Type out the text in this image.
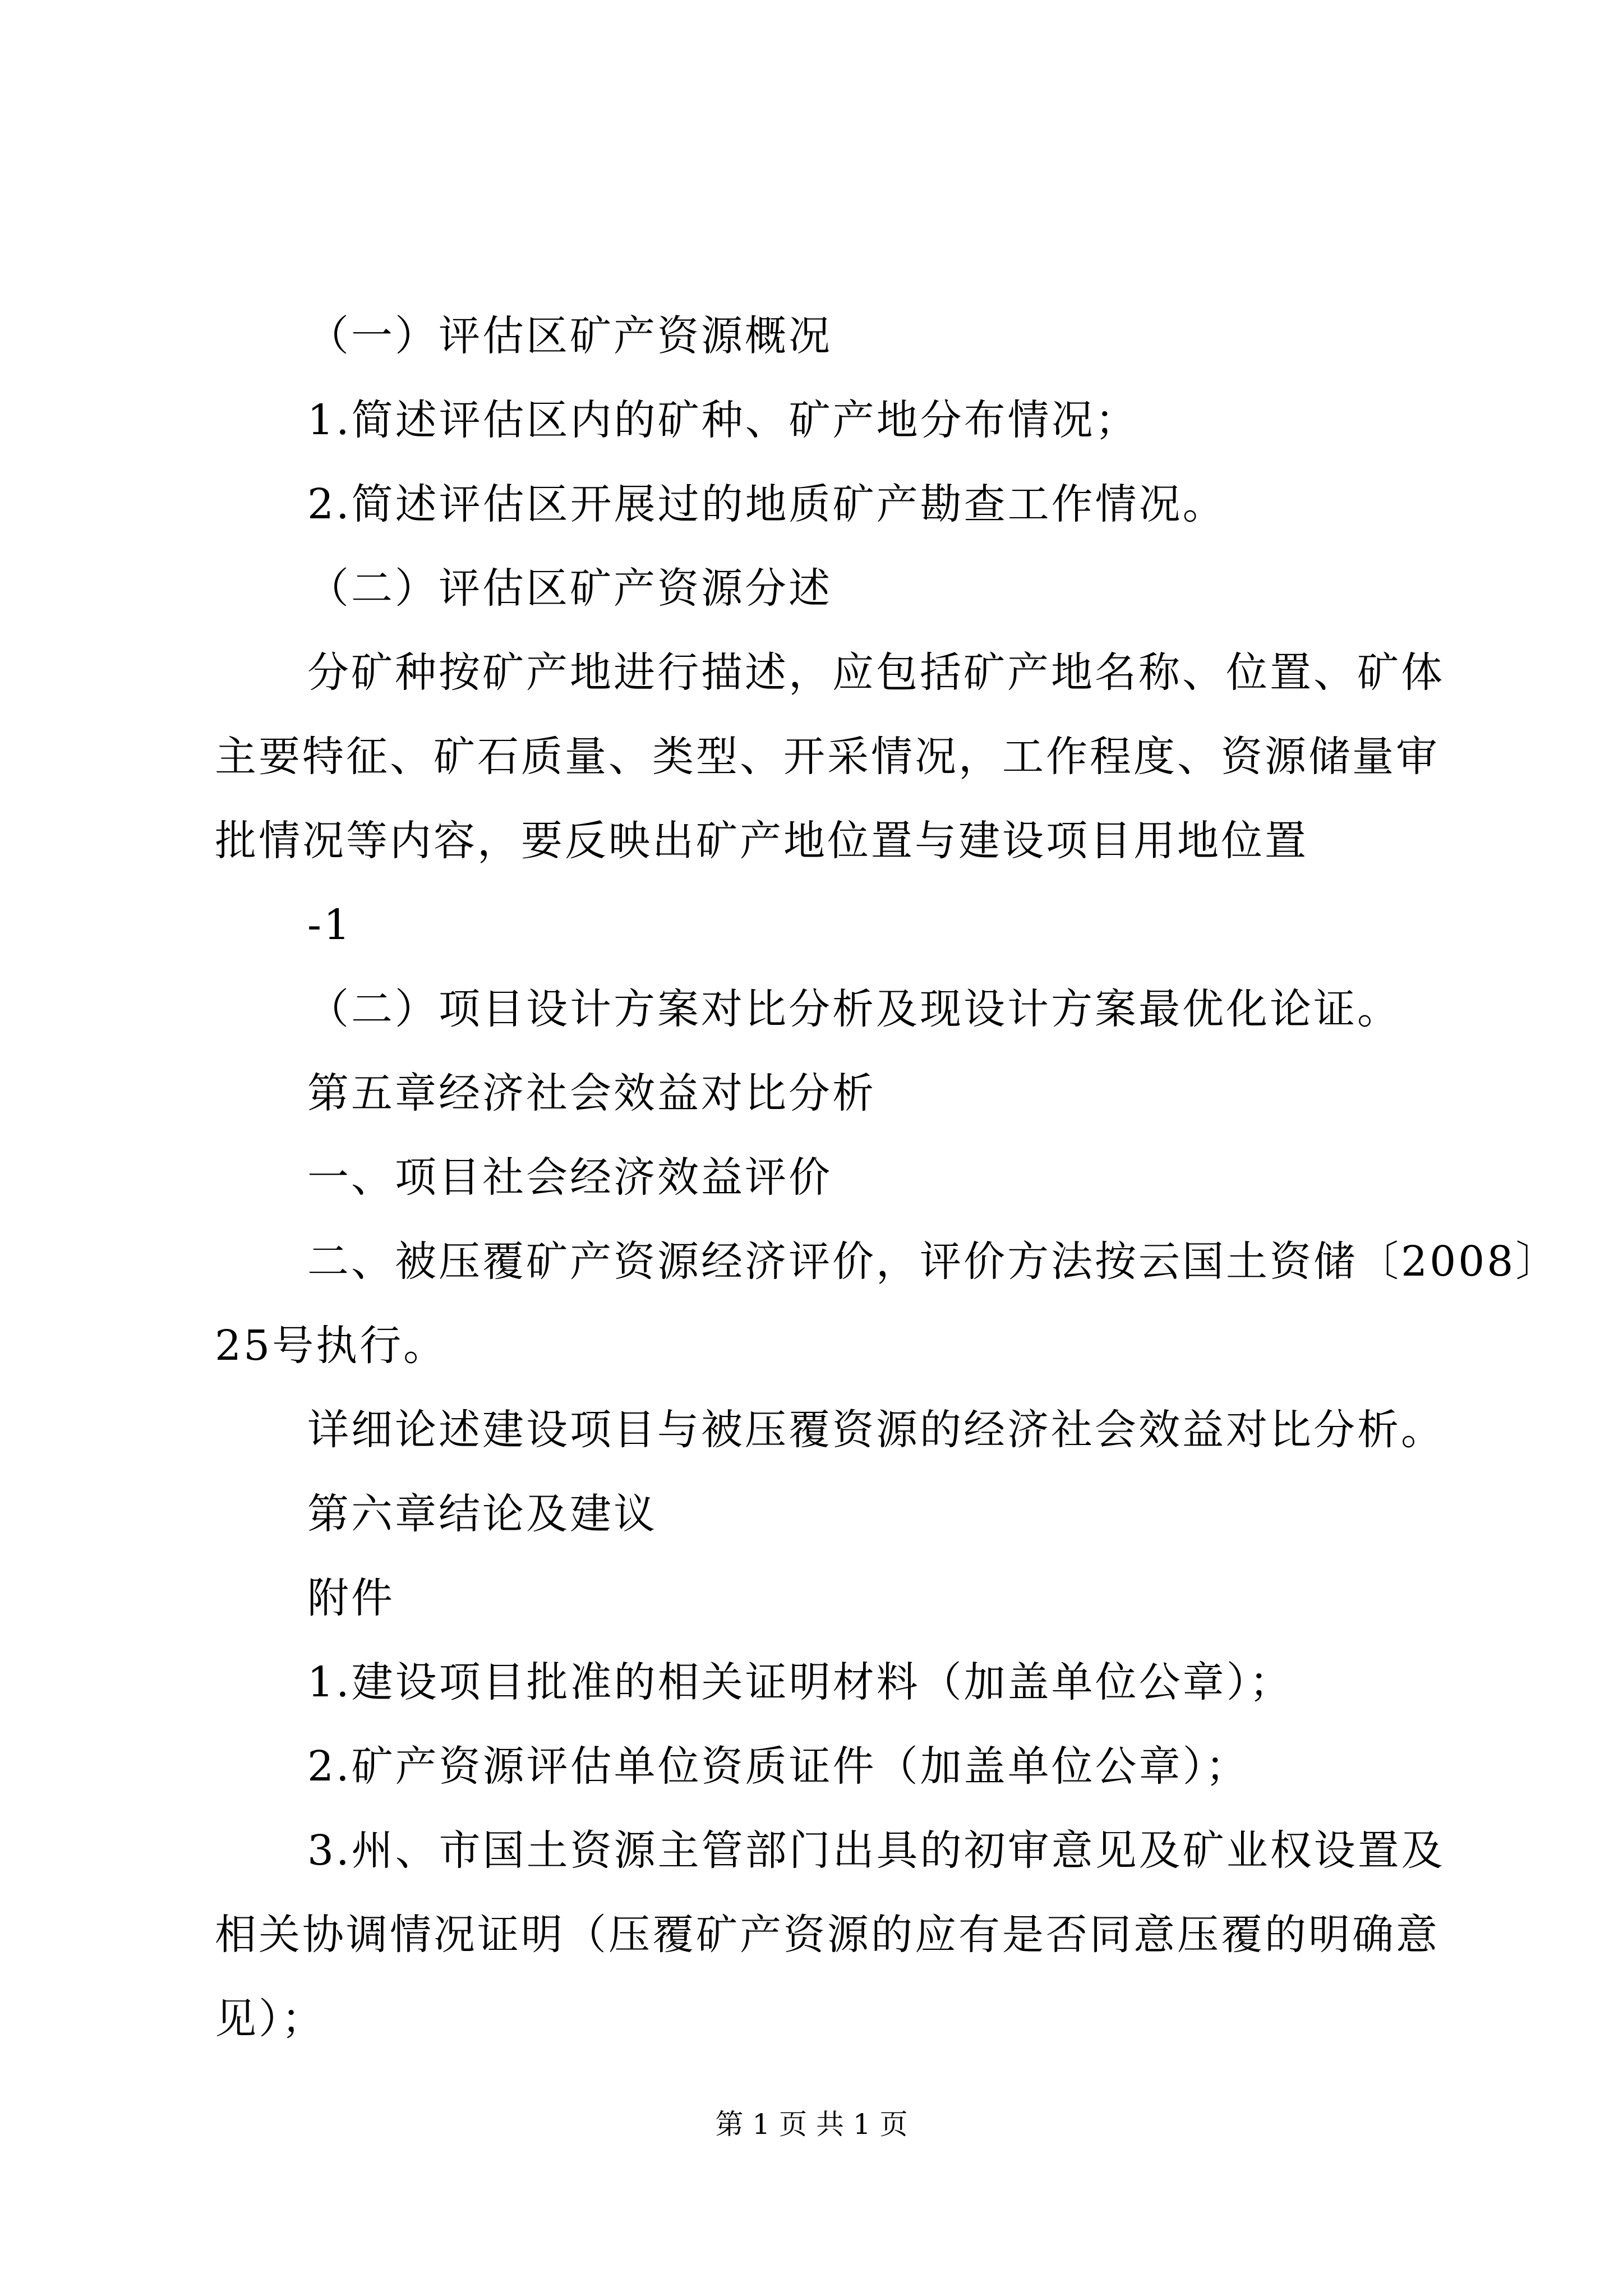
（一）评估区矿产资源概况
1.简述评估区内的矿种、矿产地分布情况；
2.简述评估区开展过的地质矿产勘查工作情况。
（二）评估区矿产资源分述
分矿种按矿产地进行描述，应包括矿产地名称、位置、矿体
主要特征、矿石质量、类型、开采情况，工作程度、资源储量审
批情况等内容，要反映出矿产地位置与建设项目用地位置
-1
（二）项目设计方案对比分析及现设计方案最优化论证。
第五章经济社会效益对比分析
一、项目社会经济效益评价
二、被压覆矿产资源经济评价，评价方法按云国土资储〔2008〕
25号执行。
详细论述建设项目与被压覆资源的经济社会效益对比分析。
第六章结论及建议
附件
1.建设项目批准的相关证明材料（加盖单位公章）；
2.矿产资源评估单位资质证件（加盖单位公章）；
3.州、市国土资源主管部门出具的初审意见及矿业权设置及
相关协调情况证明（压覆矿产资源的应有是否同意压覆的明确意
见）；
第 1 页 共 1 页
